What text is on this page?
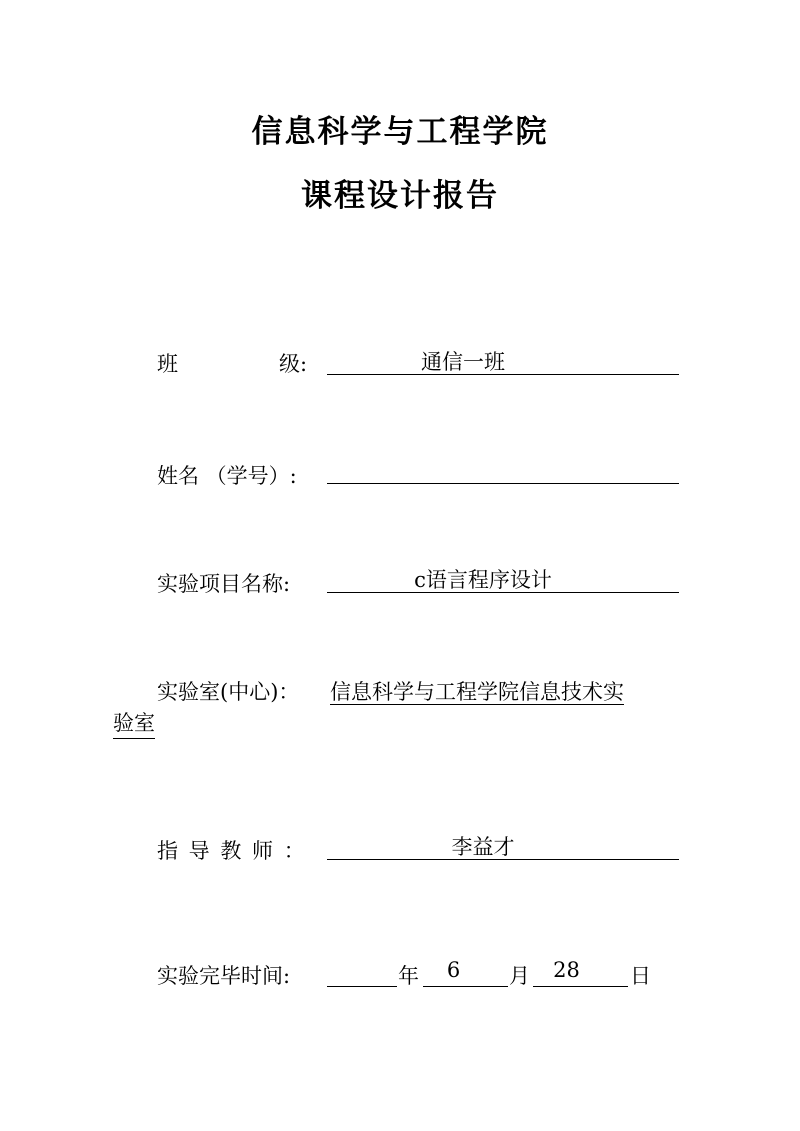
信息科学与工程学院
课程设计报告
班	级:	通信一班
姓名 （学号）:
实验项目名称:	c语言程序设计
实验室(中心)： 信息科学与工程学院信息技术实
验室
指 导 教 师 ：	李益才
实验完毕时间:	年	6	月	28	日
